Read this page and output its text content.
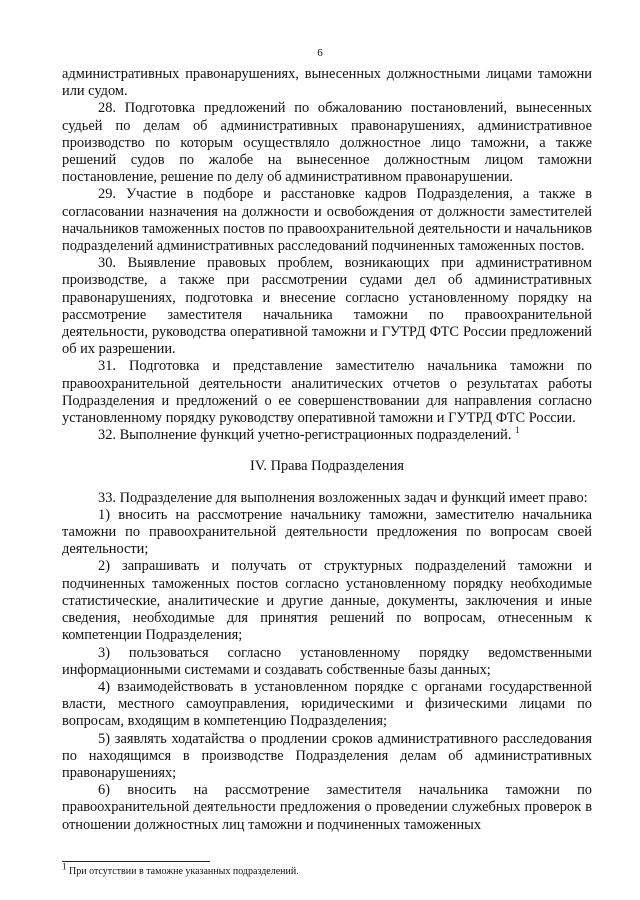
6

административных правонарушениях, вынесенных должностными лицами таможни или судом.

28. Подготовка предложений по обжалованию постановлений, вынесенных судьей по делам об административных правонарушениях, административное производство по которым осуществляло должностное лицо таможни, а также решений судов по жалобе на вынесенное должностным лицом таможни постановление, решение по делу об административном правонарушении.

29. Участие в подборе и расстановке кадров Подразделения, а также в согласовании назначения на должности и освобождения от должности заместителей начальников таможенных постов по правоохранительной деятельности и начальников подразделений административных расследований подчиненных таможенных постов.

30. Выявление правовых проблем, возникающих при административном производстве, а также при рассмотрении судами дел об административных правонарушениях, подготовка и внесение согласно установленному порядку на рассмотрение заместителя начальника таможни по правоохранительной деятельности, руководства оперативной таможни и ГУТРД ФТС России предложений об их разрешении.

31. Подготовка и представление заместителю начальника таможни по правоохранительной деятельности аналитических отчетов о результатах работы Подразделения и предложений о ее совершенствовании для направления согласно установленному порядку руководству оперативной таможни и ГУТРД ФТС России.

32. Выполнение функций учетно-регистрационных подразделений. $^1$

IV. Права Подразделения

33. Подразделение для выполнения возложенных задач и функций имеет право:

1) вносить на рассмотрение начальнику таможни, заместителю начальника таможни по правоохранительной деятельности предложения по вопросам своей деятельности;

2) запрашивать и получать от структурных подразделений таможни и подчиненных таможенных постов согласно установленному порядку необходимые статистические, аналитические и другие данные, документы, заключения и иные сведения, необходимые для принятия решений по вопросам, отнесенным к компетенции Подразделения;

3) пользоваться согласно установленному порядку ведомственными информационными системами и создавать собственные базы данных;

4) взаимодействовать в установленном порядке с органами государственной власти, местного самоуправления, юридическими и физическими лицами по вопросам, входящим в компетенцию Подразделения;

5) заявлять ходатайства о продлении сроков административного расследования по находящимся в производстве Подразделения делам об административных правонарушениях;

6) вносить на рассмотрение заместителя начальника таможни по правоохранительной деятельности предложения о проведении служебных проверок в отношении должностных лиц таможни и подчиненных таможенных

$^1$ При отсутствии в таможне указанных подразделений.
